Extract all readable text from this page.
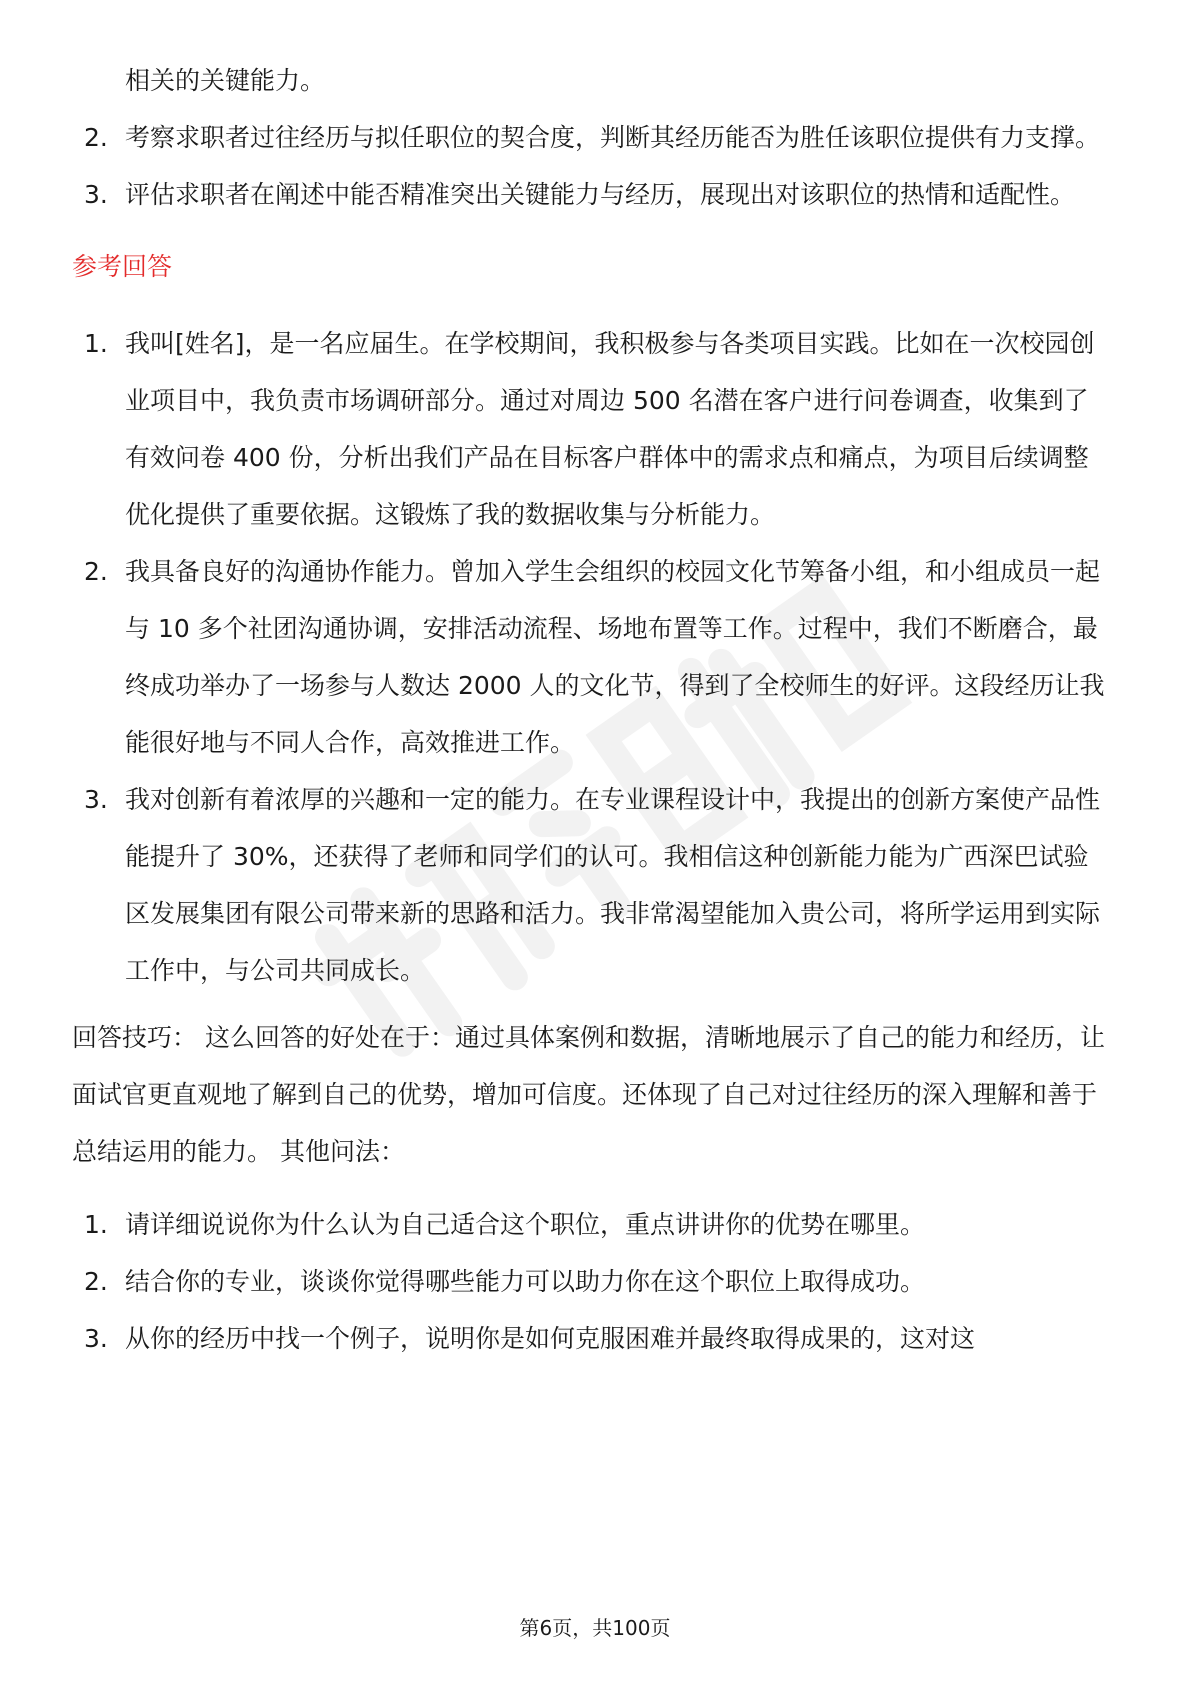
相关的关键能力。

2. 考察求职者过往经历与拟任职位的契合度，判断其经历能否为胜任该职位提供有力支撑。

3. 评估求职者在阐述中能否精准突出关键能力与经历，展现出对该职位的热情和适配性。

参考回答

1. 我叫[姓名]，是一名应届生。在学校期间，我积极参与各类项目实践。比如在一次校园创业项目中，我负责市场调研部分。通过对周边 500 名潜在客户进行问卷调查，收集到了有效问卷 400 份，分析出我们产品在目标客户群体中的需求点和痛点，为项目后续调整优化提供了重要依据。这锻炼了我的数据收集与分析能力。

2. 我具备良好的沟通协作能力。曾加入学生会组织的校园文化节筹备小组，和小组成员一起与 10 多个社团沟通协调，安排活动流程、场地布置等工作。过程中，我们不断磨合，最终成功举办了一场参与人数达 2000 人的文化节，得到了全校师生的好评。这段经历让我能很好地与不同人合作，高效推进工作。

3. 我对创新有着浓厚的兴趣和一定的能力。在专业课程设计中，我提出的创新方案使产品性能提升了 30%，还获得了老师和同学们的认可。我相信这种创新能力能为广西深巴试验区发展集团有限公司带来新的思路和活力。我非常渴望能加入贵公司，将所学运用到实际工作中，与公司共同成长。

回答技巧： 这么回答的好处在于：通过具体案例和数据，清晰地展示了自己的能力和经历，让面试官更直观地了解到自己的优势，增加可信度。还体现了自己对过往经历的深入理解和善于总结运用的能力。 其他问法：

1. 请详细说说你为什么认为自己适合这个职位，重点讲讲你的优势在哪里。

2. 结合你的专业，谈谈你觉得哪些能力可以助力你在这个职位上取得成功。

3. 从你的经历中找一个例子，说明你是如何克服困难并最终取得成果的，这对这

第6页，共100页
